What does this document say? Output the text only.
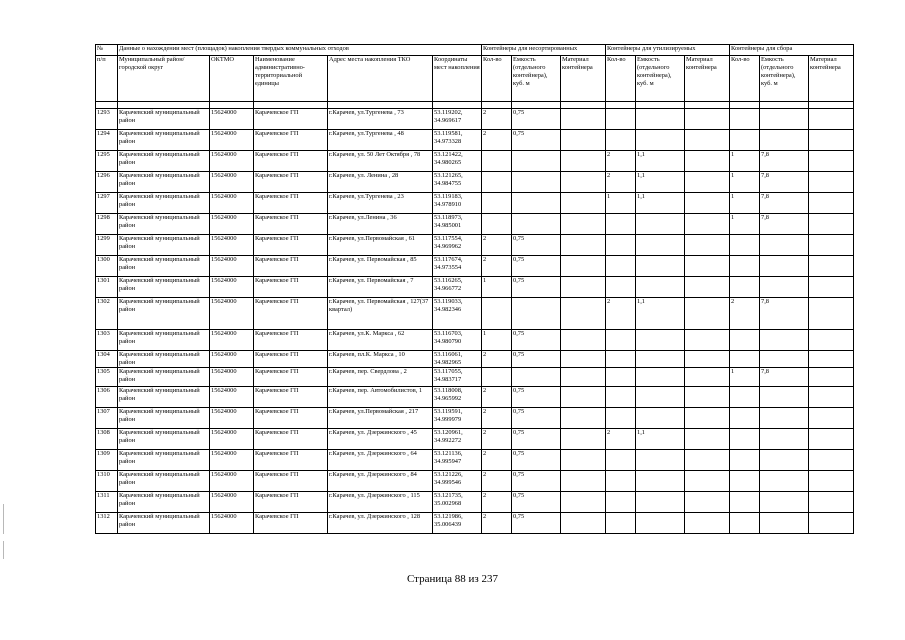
№	Данные о нахождении мест (площадок) накопления твердых коммунальных отходов					Контейнеры для несортированных			Контейнеры для утилизируемых			Контейнеры для сбора		
п/п	Муниципальный район/городской округ	ОКТМО	Наименование административно-территориальной единицы	Адрес места накопления ТКО	Координаты мест накопления	Кол-во	Емкость (отдельного контейнера), куб. м	Материал контейнера	Кол-во	Емкость (отдельного контейнера), куб. м	Материал контейнера	Кол-во	Емкость (отдельного контейнера), куб. м	Материал контейнера

1293	Карачевский муниципальный район	15624000	Карачевское ГП	г.Карачев, ул.Тургенева , 73	53.119202, 34.969617	2	0,75							
1294	Карачевский муниципальный район	15624000	Карачевское ГП	г.Карачев, ул.Тургенева , 48	53.119581, 34.973328	2	0,75							
1295	Карачевский муниципальный район	15624000	Карачевское ГП	г.Карачев, ул. 50 Лет Октября , 78	53.121422, 34.980265				2	1,1		1	7,8	
1296	Карачевский муниципальный район	15624000	Карачевское ГП	г.Карачев, ул. Ленина , 28	53.121265, 34.984755				2	1,1		1	7,8	
1297	Карачевский муниципальный район	15624000	Карачевское ГП	г.Карачев, ул.Тургенева , 23	53.119183, 34.978910				1	1,1		1	7,8	
1298	Карачевский муниципальный район	15624000	Карачевское ГП	г.Карачев, ул.Ленина , 36	53.118973, 34.985001							1	7,8	
1299	Карачевский муниципальный район	15624000	Карачевское ГП	г.Карачев, ул.Первомайская , 61	53.117554, 34.969962	2	0,75							
1300	Карачевский муниципальный район	15624000	Карачевское ГП	г.Карачев, ул. Первомайская , 85	53.117674, 34.973554	2	0,75							
1301	Карачевский муниципальный район	15624000	Карачевское ГП	г.Карачев, ул. Первомайская , 7	53.116265, 34.966772	1	0,75							
1302	Карачевский муниципальный район	15624000	Карачевское ГП	г.Карачев, ул. Первомайская , 127(37 квартал)	53.119033, 34.982346				2	1,1		2	7,8	
1303	Карачевский муниципальный район	15624000	Карачевское ГП	г.Карачев, ул.К. Маркса , 62	53.116703, 34.980790	1	0,75							
1304	Карачевский муниципальный район	15624000	Карачевское ГП	г.Карачев, пл.К. Маркса , 10	53.116061, 34.982965	2	0,75							
1305	Карачевский муниципальный район	15624000	Карачевское ГП	г.Карачев, пер. Свердлова , 2	53.117055, 34.983717							1	7,8	
1306	Карачевский муниципальный район	15624000	Карачевское ГП	г.Карачев, пер. Автомобилистов, 1	53.118008, 34.965992	2	0,75							
1307	Карачевский муниципальный район	15624000	Карачевское ГП	г.Карачев, ул.Первомайская , 217	53.119591, 34.999979	2	0,75							
1308	Карачевский муниципальный район	15624000	Карачевское ГП	г.Карачев, ул. Дзержинского , 45	53.120961, 34.992272	2	0,75		2	1,1				
1309	Карачевский муниципальный район	15624000	Карачевское ГП	г.Карачев, ул. Дзержинского , 64	53.121136, 34.995947	2	0,75							
1310	Карачевский муниципальный район	15624000	Карачевское ГП	г.Карачев, ул. Дзержинского , 84	53.121226, 34.999546	2	0,75							
1311	Карачевский муниципальный район	15624000	Карачевское ГП	г.Карачев, ул. Дзержинского , 115	53.121735, 35.002968	2	0,75							
1312	Карачевский муниципальный район	15624000	Карачевское ГП	г.Карачев, ул. Дзержинского , 128	53.121986, 35.006439	2	0,75							
Страница 88 из 237
